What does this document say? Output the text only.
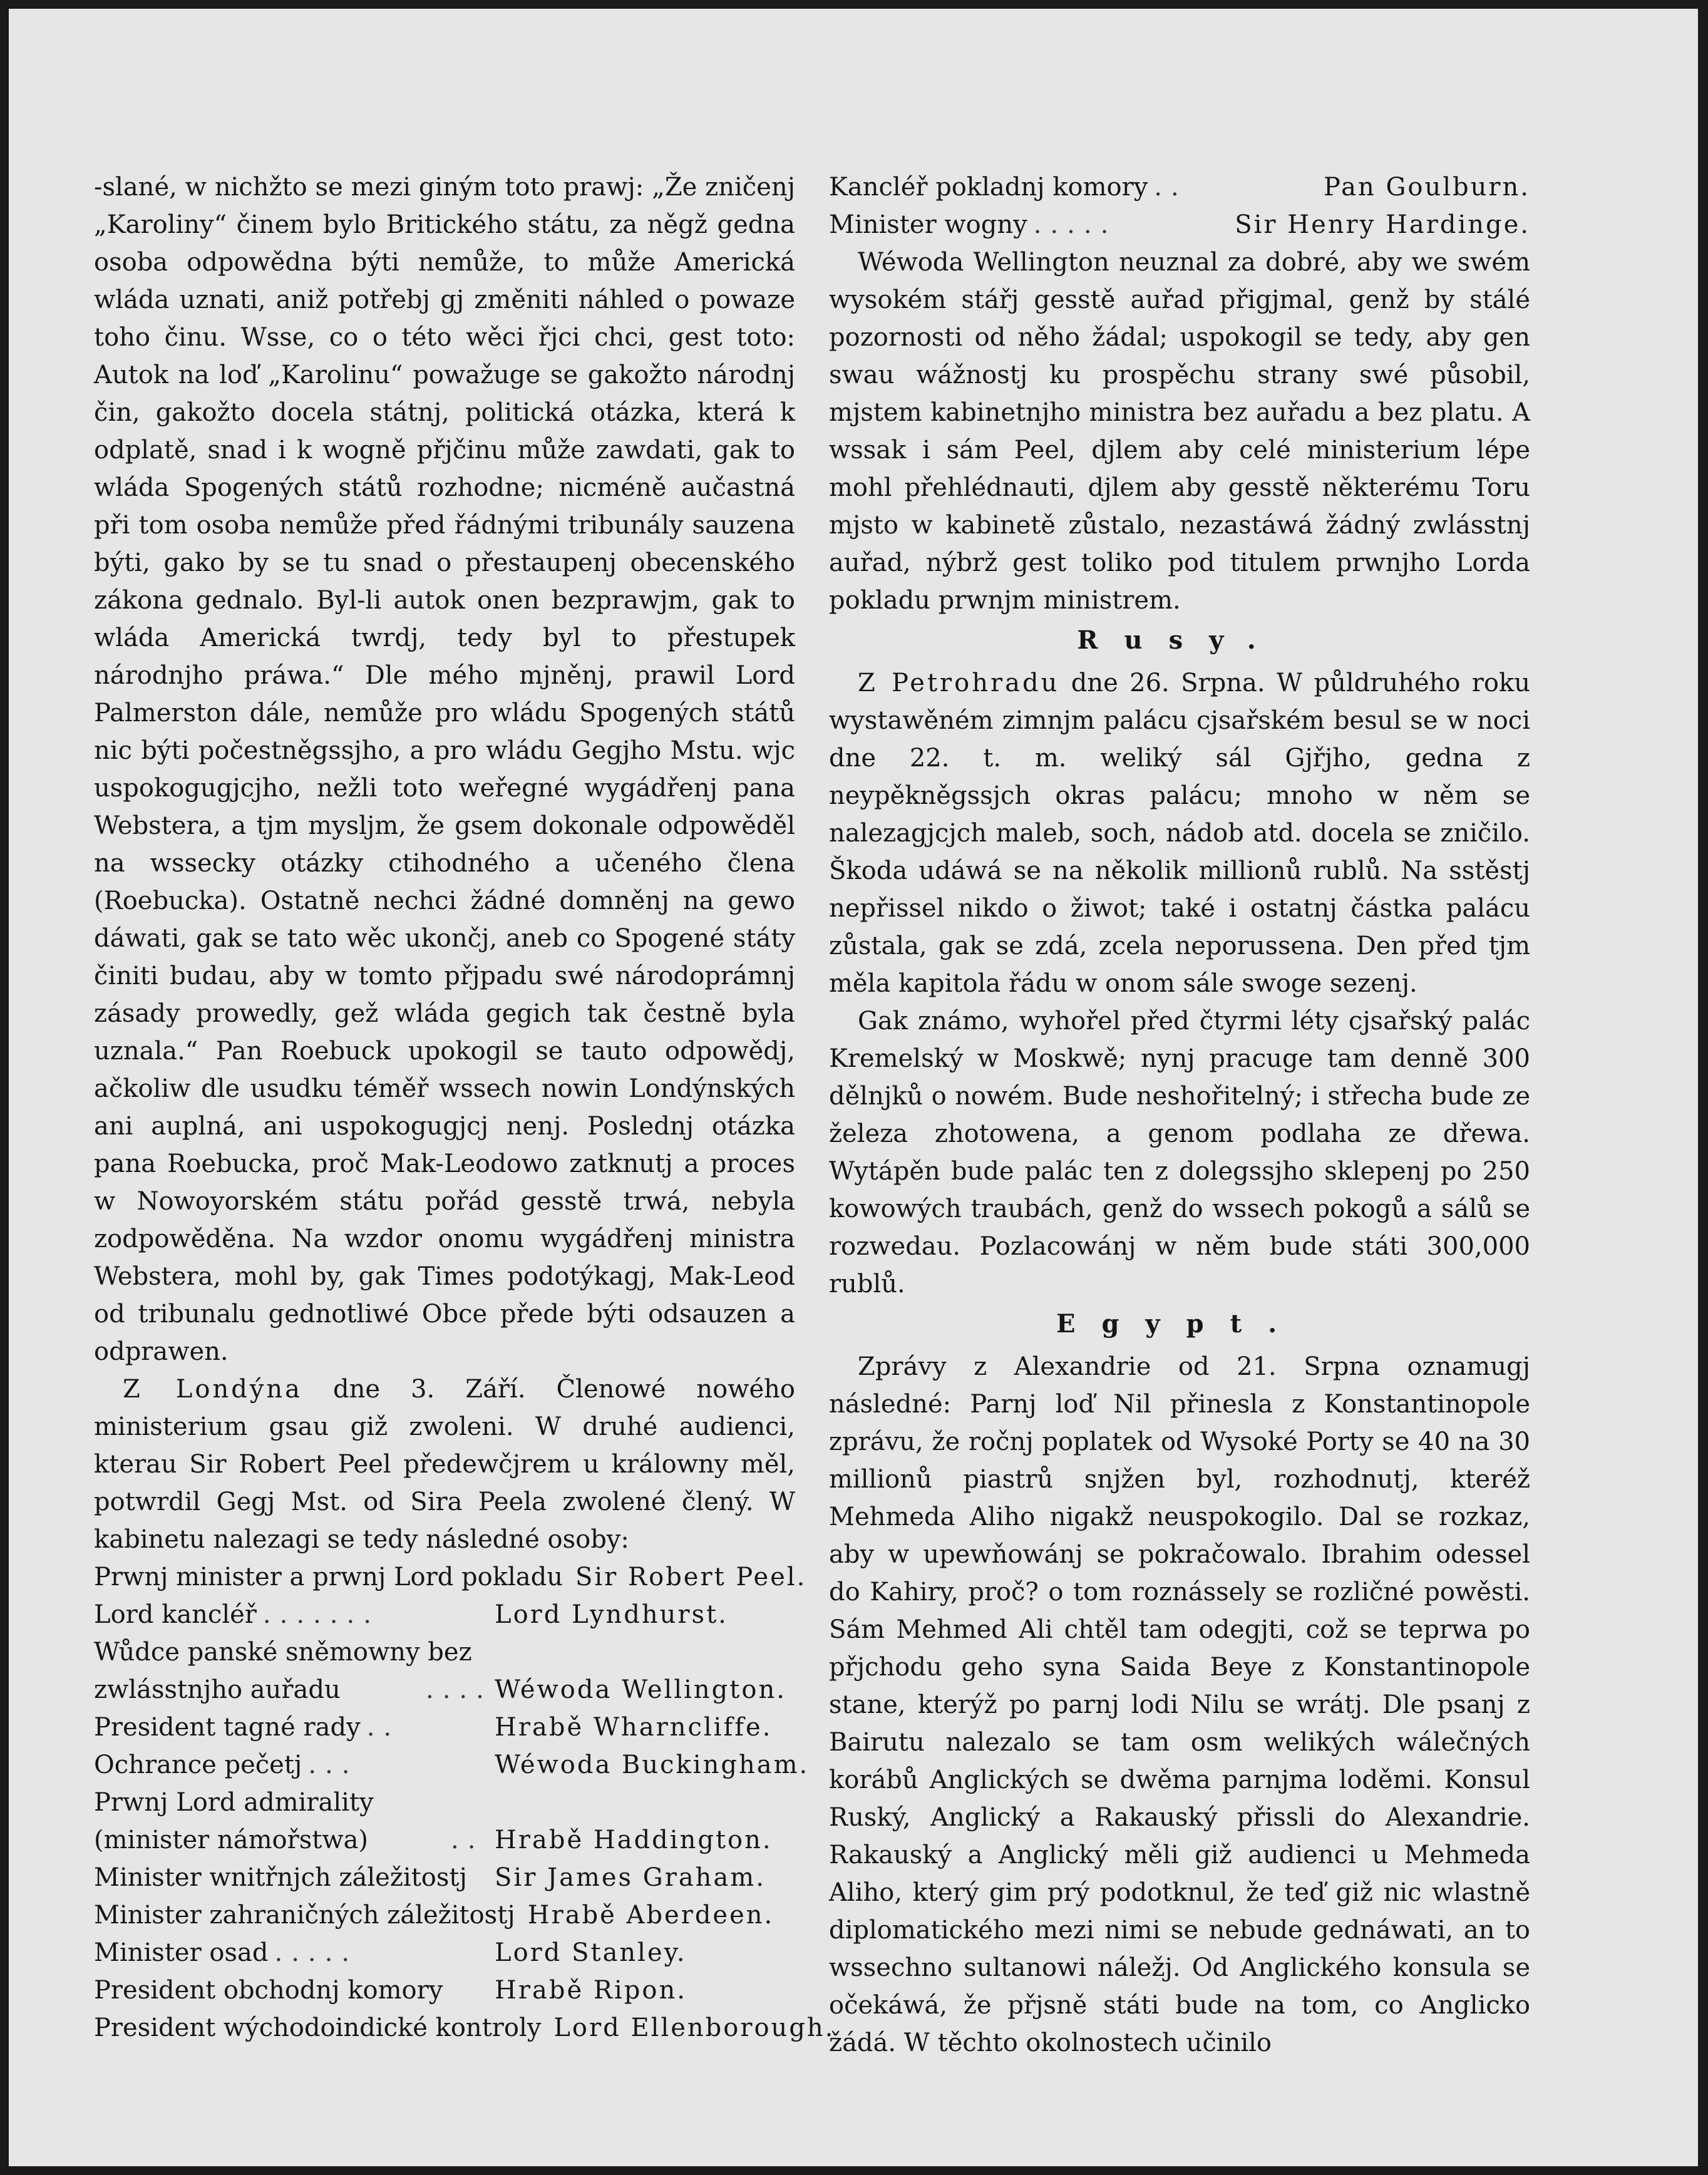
-slané, w nichžto se mezi giným toto prawj: „Že zničenj „Karoliny“ činem bylo Britického státu, za něgž gedna osoba odpowědna býti nemůže, to může Americká wláda uznati, aniž potřebj gj změniti náhled o powaze toho činu. Wsse, co o této wěci řjci chci, gest toto: Autok na loď „Karolinu“ powažuge se gakožto národnj čin, gakožto docela státnj, politická otázka, která k odplatě, snad i k wogně přjčinu může zawdati, gak to wláda Spogených států rozhodne; nicméně aučastná při tom osoba nemůže před řádnými tribunály sauzena býti, gako by se tu snad o přestaupenj obecenského zákona gednalo. Byl-li autok onen bezprawjm, gak to wláda Americká twrdj, tedy byl to přestupek národnjho práwa.“ Dle mého mjněnj, prawil Lord Palmerston dále, nemůže pro wládu Spogených států nic býti počestněgssjho, a pro wládu Gegjho Mstu. wjc uspokogugjcjho, nežli toto weřegné wygádřenj pana Webstera, a tjm mysljm, že gsem dokonale odpowěděl na wssecky otázky ctihodného a učeného člena (Roebucka). Ostatně nechci žádné domněnj na gewo dáwati, gak se tato wěc ukončj, aneb co Spogené státy činiti budau, aby w tomto přjpadu swé národoprámnj zásady prowedly, gež wláda gegich tak čestně byla uznala.“ Pan Roebuck upokogil se tauto odpowědj, ačkoliw dle usudku téměř wssech nowin Londýnských ani auplná, ani uspokogugjcj nenj. Poslednj otázka pana Roebucka, proč Mak-Leodowo zatknutj a proces w Nowoyorském státu pořád gesstě trwá, nebyla zodpowěděna. Na wzdor onomu wygádřenj ministra Webstera, mohl by, gak Times podotýkagj, Mak-Leod od tribunalu gednotliwé Obce přede býti odsauzen a odprawen.

Z Londýna dne 3. Září. Členowé nowého ministerium gsau giž zwoleni. W druhé audienci, kterau Sir Robert Peel předewčjrem u králowny měl, potwrdil Gegj Mst. od Sira Peela zwolené člený. W kabinetu nalezagi se tedy následné osoby:

Prwnj minister a prwnj Lord pokladu Sir Robert Peel.
Lord kancléř .......	Lord Lyndhurst.
Wůdce panské sněmowny bez zwlásstnjho auřadu	.... Wéwoda Wellington.
President tagné rady ..	Hrabě Wharncliffe.
Ochrance pečetj ...	Wéwoda Buckingham.
Prwnj Lord admirality (minister námořstwa)	.. Hrabě Haddington.
Minister wnitřnjch záležitostj Sir James Graham.
Minister zahraničných záležitostj Hrabě Aberdeen.
Minister osad .....	Lord Stanley.
President obchodnj komory Hrabě Ripon.
President wýchodoindické kontroly Lord Ellenborough.
Kancléř pokladnj komory ..	Pan Goulburn.
Minister wogny .....	Sir Henry Hardinge.

Wéwoda Wellington neuznal za dobré, aby we swém wysokém stářj gesstě auřad přigjmal, genž by stálé pozornosti od něho žádal; uspokogil se tedy, aby gen swau wážnostj ku prospěchu strany swé působil, mjstem kabinetnjho ministra bez auřadu a bez platu. A wssak i sám Peel, djlem aby celé ministerium lépe mohl přehlédnauti, djlem aby gesstě některému Toru mjsto w kabinetě zůstalo, nezastáwá žádný zwlásstnj auřad, nýbrž gest toliko pod titulem prwnjho Lorda pokladu prwnjm ministrem.

Rusy.

Z Petrohradu dne 26. Srpna. W půldruhého roku wystawěném zimnjm palácu cjsařském besul se w noci dne 22. t. m. weliký sál Gjřjho, gedna z neypěkněgssjch okras palácu; mnoho w něm se nalezagjcjch maleb, soch, nádob atd. docela se zničilo. Škoda udáwá se na několik millionů rublů. Na sstěstj nepřissel nikdo o žiwot; také i ostatnj částka palácu zůstala, gak se zdá, zcela neporussena. Den před tjm měla kapitola řádu w onom sále swoge sezenj.

Gak známo, wyhořel před čtyrmi léty cjsařský palác Kremelský w Moskwě; nynj pracuge tam denně 300 dělnjků o nowém. Bude neshořitelný; i střecha bude ze železa zhotowena, a genom podlaha ze dřewa. Wytápěn bude palác ten z dolegssjho sklepenj po 250 kowowých traubách, genž do wssech pokogů a sálů se rozwedau. Pozlacowánj w něm bude státi 300,000 rublů.

Egypt.

Zprávy z Alexandrie od 21. Srpna oznamugj následné: Parnj loď Nil přinesla z Konstantinopole zprávu, že ročnj poplatek od Wysoké Porty se 40 na 30 millionů piastrů snjžen byl, rozhodnutj, kteréž Mehmeda Aliho nigakž neuspokogilo. Dal se rozkaz, aby w upewňowánj se pokračowalo. Ibrahim odessel do Kahiry, proč? o tom roznássely se rozličné powěsti. Sám Mehmed Ali chtěl tam odegjti, což se teprwa po přjchodu geho syna Saida Beye z Konstantinopole stane, kterýž po parnj lodi Nilu se wrátj. Dle psanj z Bairutu nalezalo se tam osm welikých wálečných korábů Anglických se dwěma parnjma loděmi. Konsul Ruský, Anglický a Rakauský přissli do Alexandrie. Rakauský a Anglický měli giž audienci u Mehmeda Aliho, který gim prý podotknul, že teď giž nic wlastně diplomatického mezi nimi se nebude gednáwati, an to wssechno sultanowi náležj. Od Anglického konsula se očekáwá, že přjsně státi bude na tom, co Anglicko žádá. W těchto okolnostech učinilo
